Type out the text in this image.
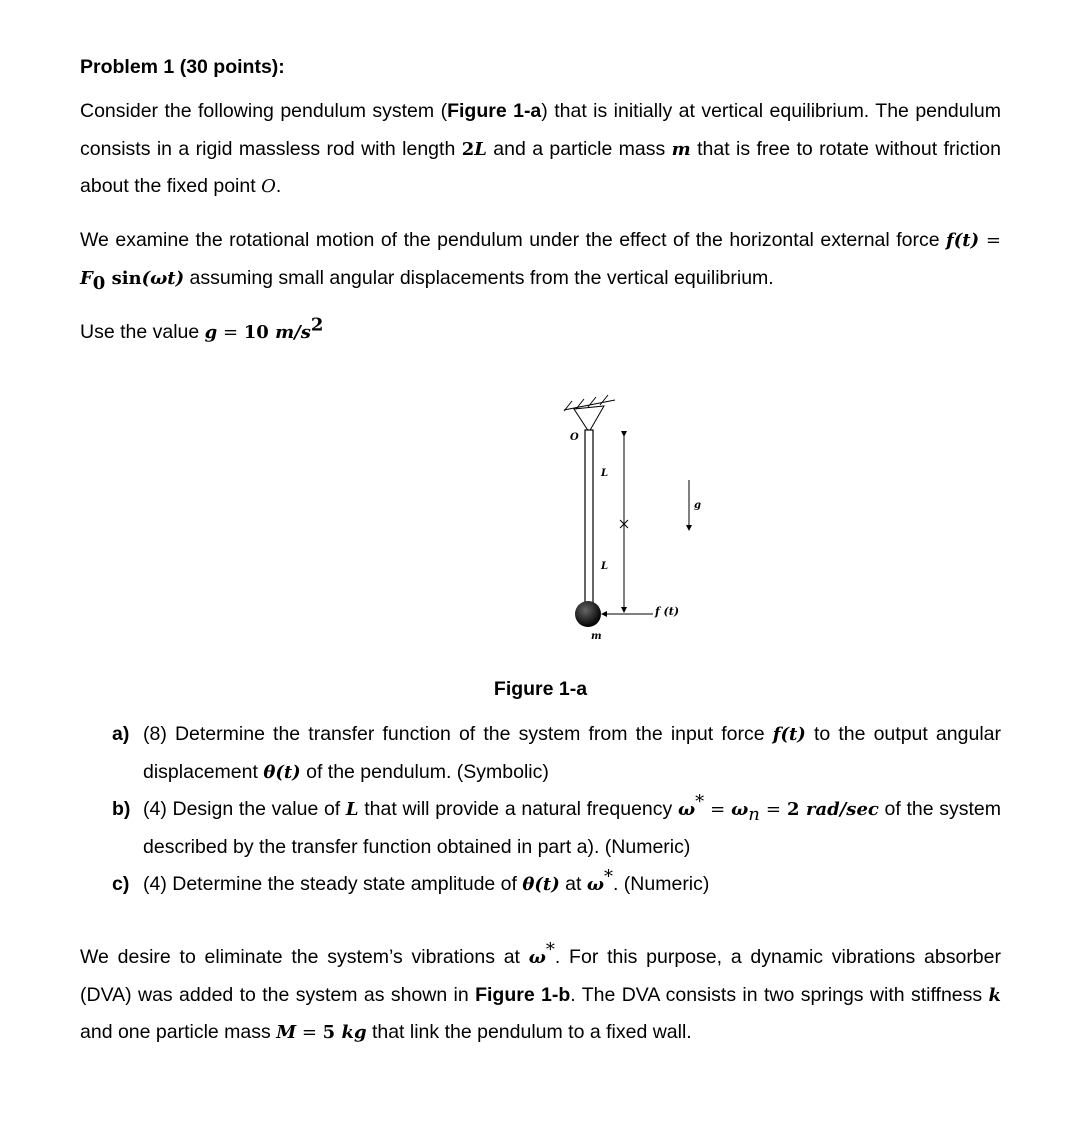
Problem 1 (30 points):
Consider the following pendulum system (Figure 1-a) that is initially at vertical equilibrium. The pendulum consists in a rigid massless rod with length 2L and a particle mass m that is free to rotate without friction about the fixed point O.
We examine the rotational motion of the pendulum under the effect of the horizontal external force $f(t) = F_0$ sin(ωt) assuming small angular displacements from the vertical equilibrium.
Use the value g = 10 $m/s^2$
O
L
L
g
f (t)
m
Figure 1-a
a) (8) Determine the transfer function of the system from the input force f(t) to the output angular displacement θ(t) of the pendulum. (Symbolic)
b) (4) Design the value of L that will provide a natural frequency $\omega^* = \omega_n = 2$ rad/sec of the system described by the transfer function obtained in part a). (Numeric)
c) (4) Determine the steady state amplitude of θ(t) at ω*. (Numeric)
We desire to eliminate the system’s vibrations at ω*. For this purpose, a dynamic vibrations absorber (DVA) was added to the system as shown in Figure 1-b. The DVA consists in two springs with stiffness k and one particle mass M = 5 kg that link the pendulum to a fixed wall.
